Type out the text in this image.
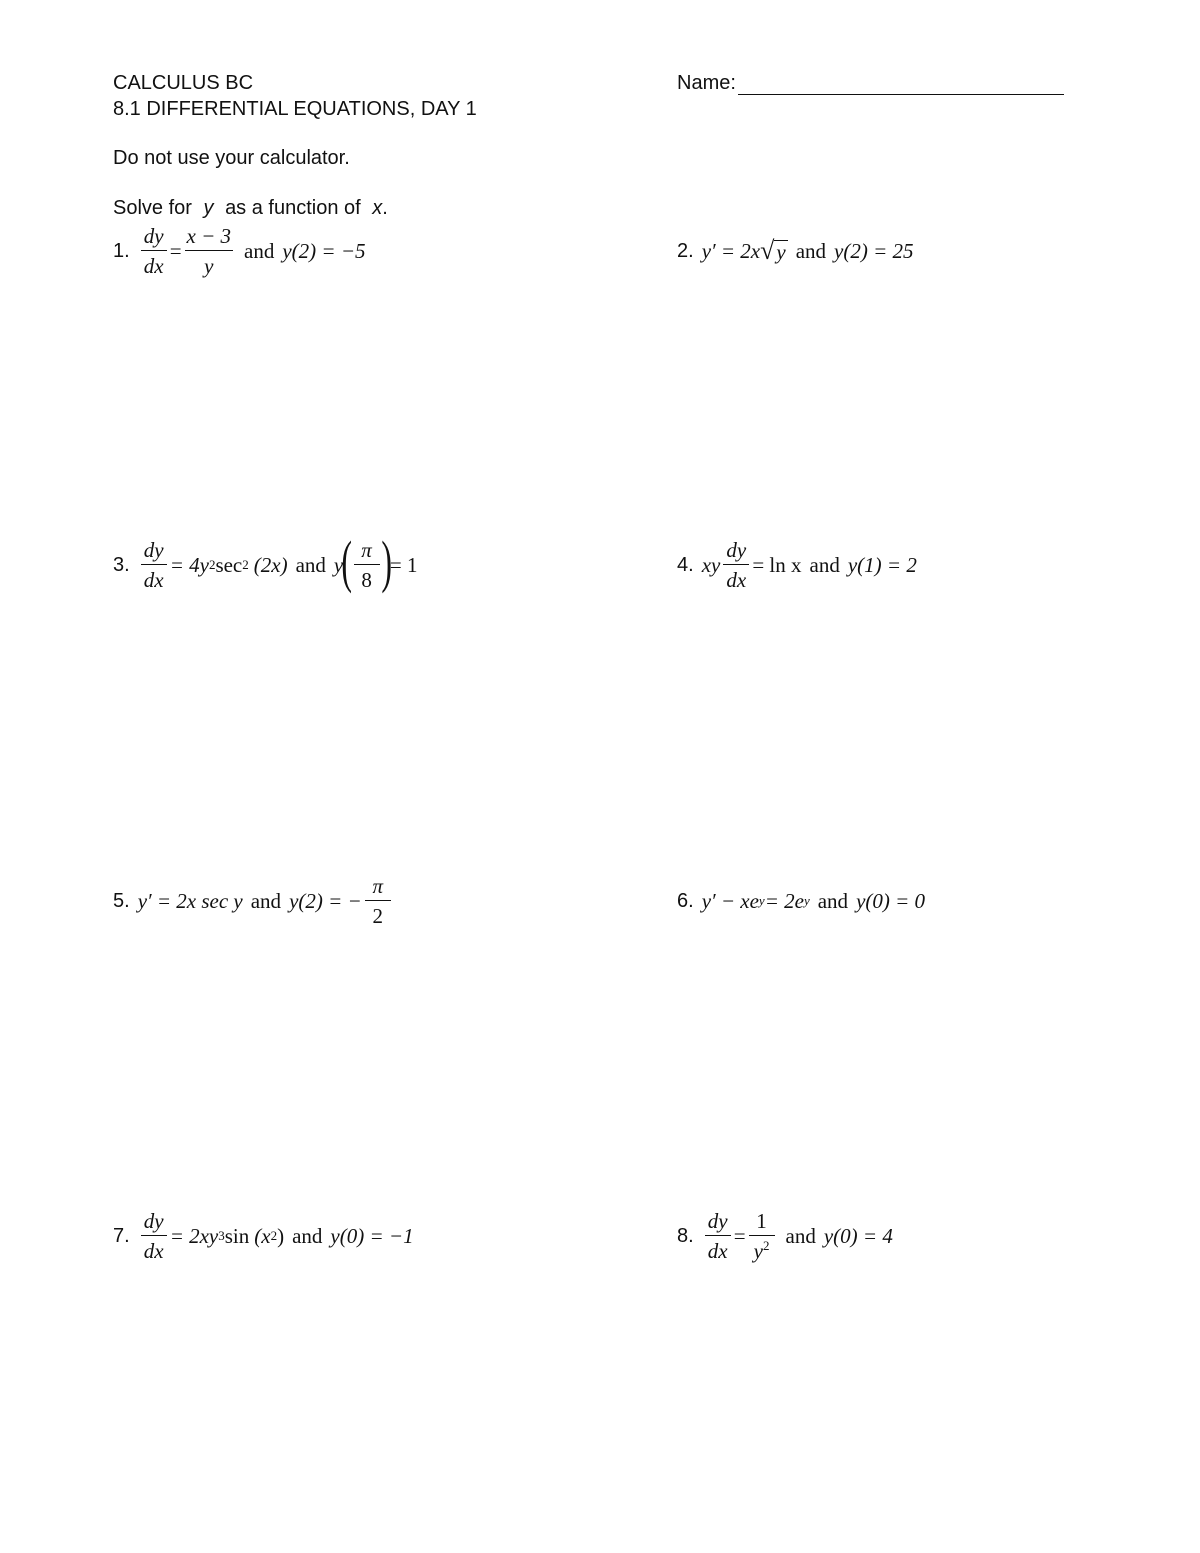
CALCULUS BC
8.1 DIFFERENTIAL EQUATIONS, DAY 1
Name:
Do not use your calculator.
Solve for y as a function of x.
1. $\frac{dy}{dx} = \frac{x - 3}{y}$ and y(2) = −5	2. y′ = 2x √ y and y(2) = 25
3. $\frac{dy}{dx} = 4y$ 2 sec 2 (2x) and y
( $\frac{\pi}{8}$ )
= 1	4. xy $\frac{dy}{dx} = \ln x$ and y(1) = 2
5. y′ = 2x sec y and y(2) = − $\frac{\pi}{2}$	6. y′ − xe y = 2e y and y(0) = 0
7. $\frac{dy}{dx} = 2xy$ 3 sin (x 2 ) and y(0) = −1	8. $\frac{dy}{dx} = \frac{1}{y^2}$ and y(0) = 4
